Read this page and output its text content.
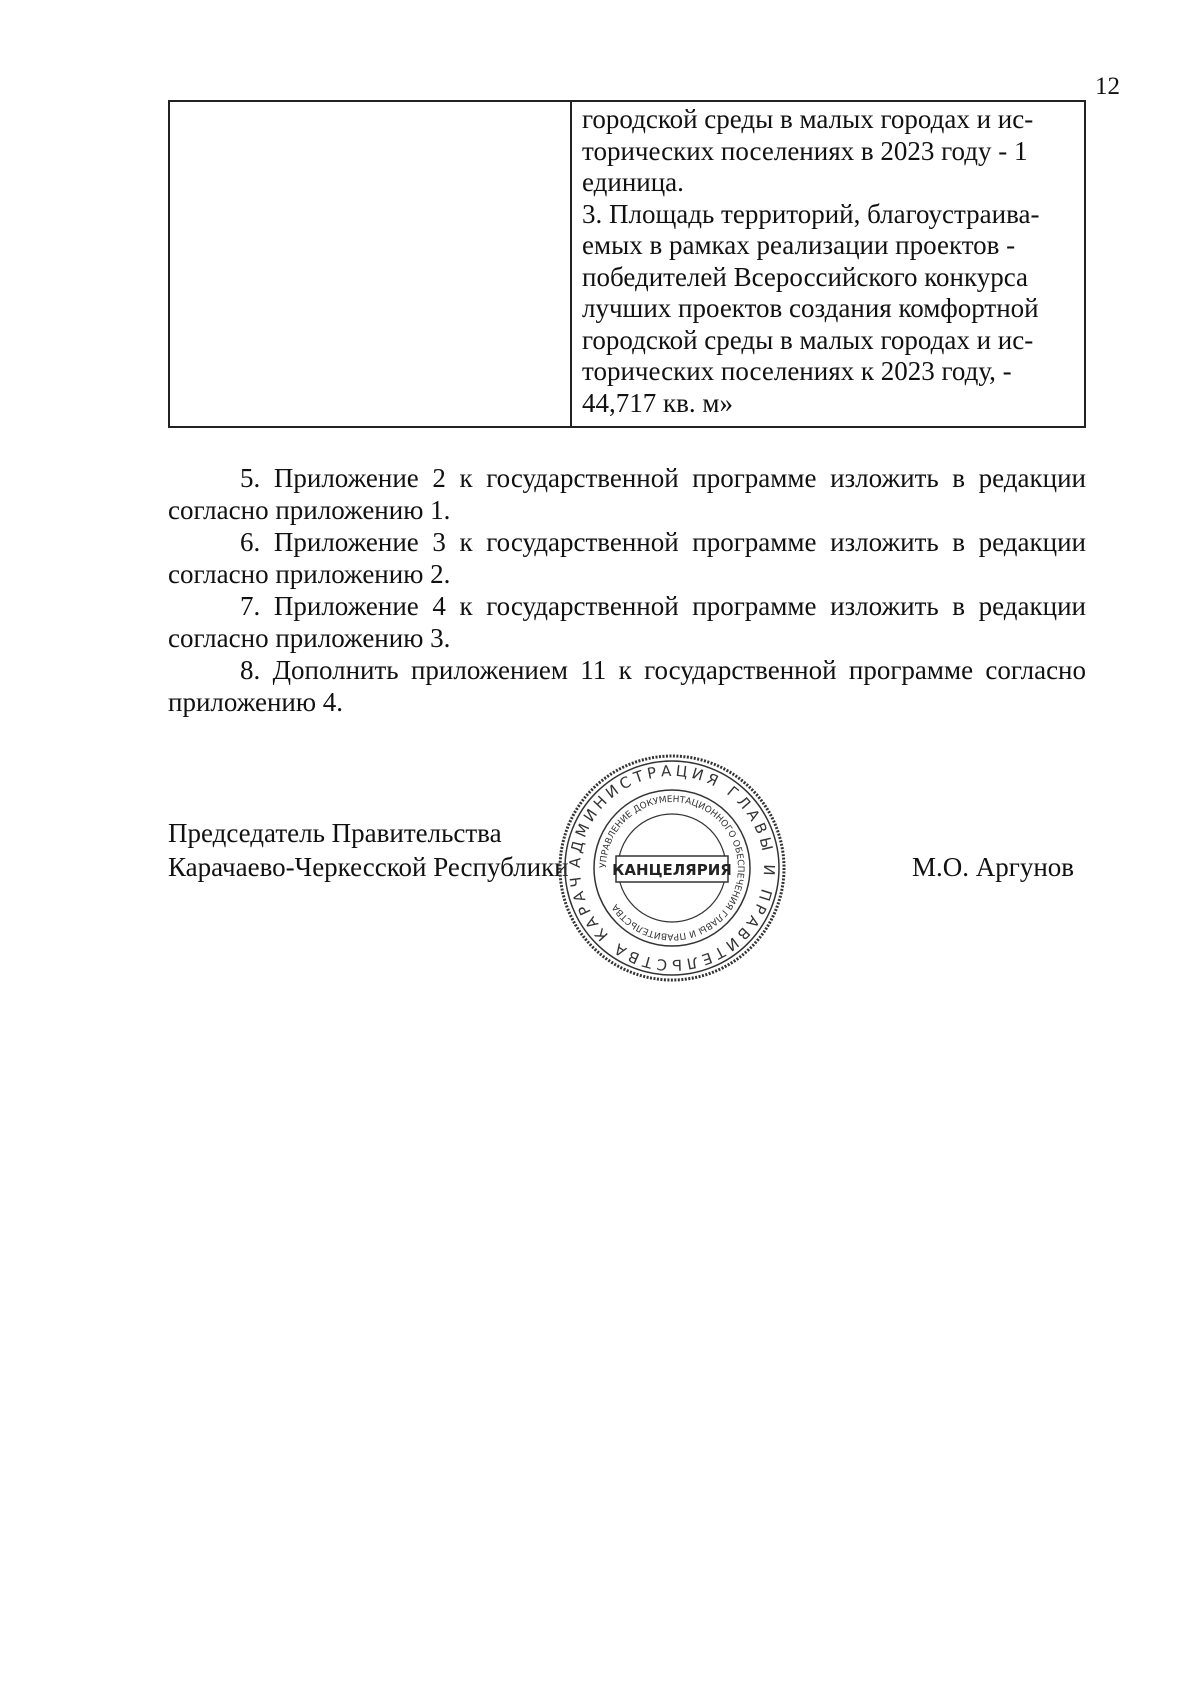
12
городской среды в малых городах и ис-
торических поселениях в 2023 году - 1
единица.
3. Площадь территорий, благоустраива-
емых в рамках реализации проектов -
победителей Всероссийского конкурса
лучших проектов создания комфортной
городской среды в малых городах и ис-
торических поселениях к 2023 году, -
44,717 кв. м»

5. Приложение 2 к государственной программе изложить в редакции
согласно приложению 1.

6. Приложение 3 к государственной программе изложить в редакции
согласно приложению 2.

7. Приложение 4 к государственной программе изложить в редакции
согласно приложению 3.

8. Дополнить приложением 11 к государственной программе согласно
приложению 4.

Председатель Правительства
Карачаево-Черкесской Республики	М.О. Аргунов
АДМИНИСТРАЦИЯ ГЛАВЫ И ПРАВИТЕЛЬСТВА КАРАЧ
УПРАВЛЕНИЕ ДОКУМЕНТАЦИОННОГО ОБЕСПЕЧЕНИЯ ГЛАВЫ И ПРАВИТЕЛЬСТВА
КАНЦЕЛЯРИЯ
